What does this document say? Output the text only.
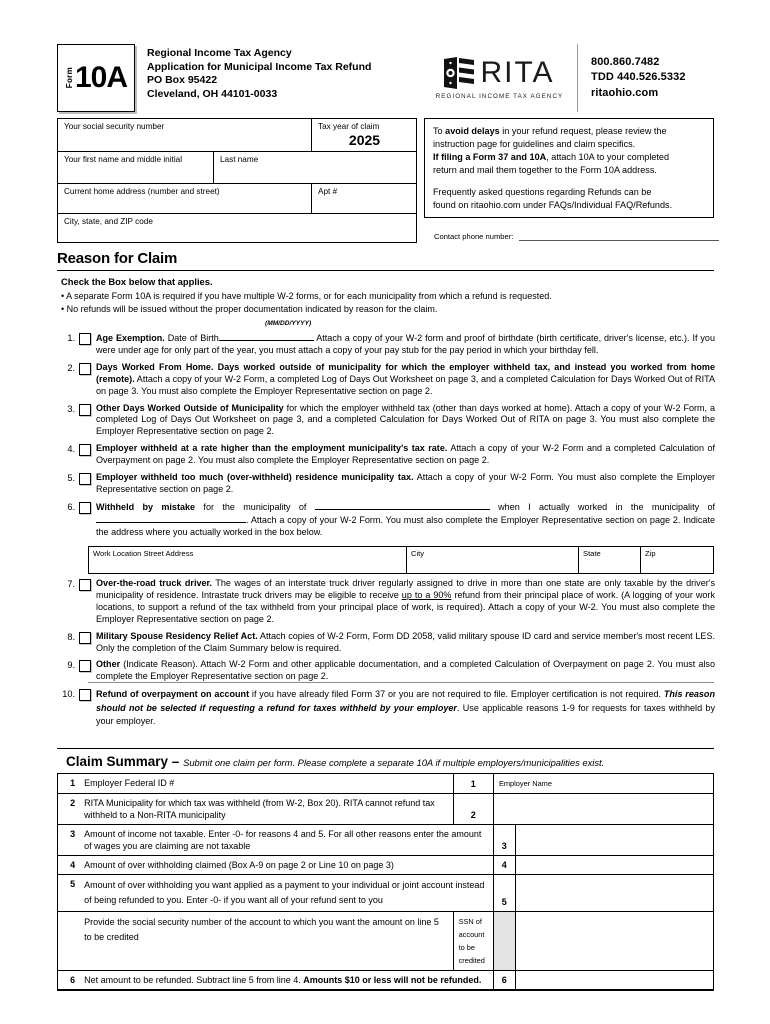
Form 10A
Regional Income Tax Agency
Application for Municipal Income Tax Refund
PO Box 95422
Cleveland, OH 44101-0033
RITA
REGIONAL INCOME TAX AGENCY
800.860.7482
TDD 440.526.5332
ritaohio.com
Your social security number	Tax year of claim
2025
Your first name and middle initial	Last name
Current home address (number and street)	Apt #
City, state, and ZIP code

To avoid delays in your refund request, please review the

instruction page for guidelines and claim specifics.

If filing a Form 37 and 10A, attach 10A to your completed

return and mail them together to the Form 10A address.

Frequently asked questions regarding Refunds can be

found on ritaohio.com under FAQs/Individual FAQ/Refunds.

Contact phone number:
Reason for Claim
Check the Box below that applies.
• A separate Form 10A is required if you have multiple W-2 forms, or for each municipality from which a refund is requested.
• No refunds will be issued without the proper documentation indicated by reason for the claim.
(MM/DD/YYYY)
1.	Age Exemption. Date of Birth	Attach a copy of your W-2 form and proof of birthdate (birth certificate, driver's license, etc.). If you were under age for only part of the year, you must attach a copy of your pay stub for the pay period in which your birthday fell.
2.	Days Worked From Home. Days worked outside of municipality for which the employer withheld tax, and instead you worked from home (remote). Attach a copy of your W-2 Form, a completed Log of Days Out Worksheet on page 3, and a completed Calculation for Days Worked Out of RITA on page 3. You must also complete the Employer Representative section on page 2.
3.	Other Days Worked Outside of Municipality for which the employer withheld tax (other than days worked at home). Attach a copy of your W-2 Form, a completed Log of Days Out Worksheet on page 3, and a completed Calculation for Days Worked Out of RITA on page 3. You must also complete the Employer Representative section on page 2.
4.	Employer withheld at a rate higher than the employment municipality's tax rate. Attach a copy of your W-2 Form and a completed Calculation of Overpayment on page 2. You must also complete the Employer Representative section on page 2.
5.	Employer withheld too much (over-withheld) residence municipality tax. Attach a copy of your W-2 Form. You must also complete the Employer Representative section on page 2.
6.	Withheld by mistake for the municipality of	when I actually worked in the municipality of . Attach a copy of your W-2 Form. You must also complete the Employer Representative section on page 2. Indicate the address where you actually worked in the box below.
Work Location Street Address	City	State	Zip
7.	Over-the-road truck driver. The wages of an interstate truck driver regularly assigned to drive in more than one state are only taxable by the driver's municipality of residence. Intrastate truck drivers may be eligible to receive up to a 90% refund from their principal place of work. (A logging of your work locations, to support a refund of the tax withheld from your principal place of work, is required). Attach a copy of your W-2. You must also complete the Employer Representative section on page 2.
8.	Military Spouse Residency Relief Act. Attach copies of W-2 Form, Form DD 2058, valid military spouse ID card and service member's most recent LES. Only the completion of the Claim Summary below is required.
9.	Other (Indicate Reason). Attach W-2 Form and other applicable documentation, and a completed Calculation of Overpayment on page 2. You must also complete the Employer Representative section on page 2.
10.	Refund of overpayment on account if you have already filed Form 37 or you are not required to file. Employer certification is not required. This reason should not be selected if requesting a refund for taxes withheld by your employer. Use applicable reasons 1-9 for requests for taxes withheld by your employer.
Claim Summary – Submit one claim per form. Please complete a separate 10A if multiple employers/municipalities exist.
1	Employer Federal ID #	1	Employer Name	
2	RITA Municipality for which tax was withheld (from W-2, Box 20). RITA cannot refund tax withheld to a Non-RITA municipality	2		
3	Amount of income not taxable. Enter -0- for reasons 4 and 5. For all other reasons enter the amount of wages you are claiming are not taxable		3	
4	Amount of over withholding claimed (Box A-9 on page 2 or Line 10 on page 3)		4	
5	Amount of over withholding you want applied as a payment to your individual or joint account instead of being refunded to you. Enter -0- if you want all of your refund sent to you		5	
	Provide the social security number of the account to which you want the amount on line 5 to be credited	SSN of account to be credited		
6	Net amount to be refunded. Subtract line 5 from line 4. Amounts $10 or less will not be refunded.		6	
